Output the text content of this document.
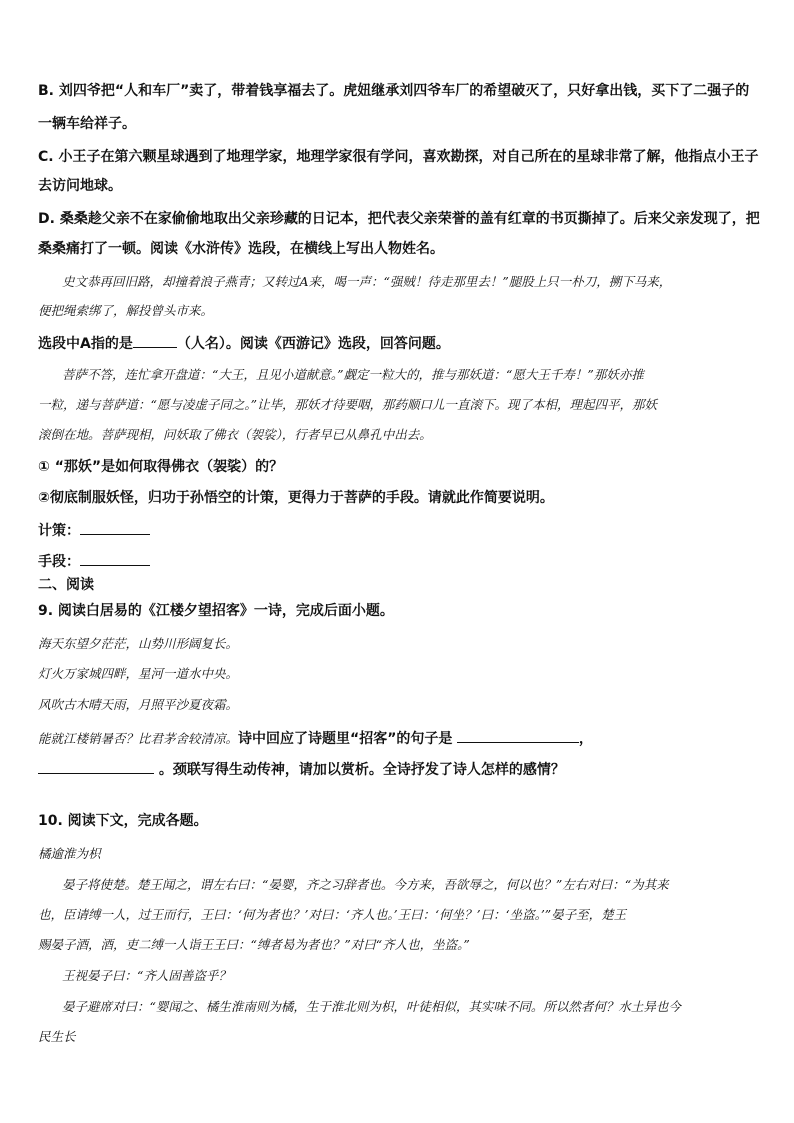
B. 刘四爷把“人和车厂”卖了，带着钱享福去了。虎妞继承刘四爷车厂的希望破灭了，只好拿出钱，买下了二强子的
一辆车给祥子。
C. 小王子在第六颗星球遇到了地理学家，地理学家很有学问，喜欢勘探，对自己所在的星球非常了解，他指点小王子
去访问地球。
D. 桑桑趁父亲不在家偷偷地取出父亲珍藏的日记本，把代表父亲荣誉的盖有红章的书页撕掉了。后来父亲发现了，把
桑桑痛打了一顿。阅读《水浒传》选段，在横线上写出人物姓名。
史文恭再回旧路，却撞着浪子燕青；又转过A来，喝一声：“强贼！待走那里去！”腿股上只一朴刀，搠下马来，
便把绳索绑了，解投曾头市来。
选段中A指的是	（人名）。阅读《西游记》选段，回答问题。
菩萨不答，连忙拿开盘道：“大王，且见小道献意。”觑定一粒大的，推与那妖道：“愿大王千寿！”那妖亦推
一粒，递与菩萨道：“愿与凌虚子同之。”让毕，那妖才待要咽，那药顺口儿一直滚下。现了本相，理起四平，那妖
滚倒在地。菩萨现相，问妖取了佛衣（袈裟），行者早已从鼻孔中出去。
① “那妖”是如何取得佛衣（袈裟）的？
②彻底制服妖怪，归功于孙悟空的计策，更得力于菩萨的手段。请就此作简要说明。
计策：
手段：
二、阅读
9. 阅读白居易的《江楼夕望招客》一诗，完成后面小题。
海天东望夕茫茫，山势川形阔复长。
灯火万家城四畔，星河一道水中央。
风吹古木晴天雨，月照平沙夏夜霜。
能就江楼销暑否？比君茅舍较清凉。诗中回应了诗题里“招客”的句子是	，
。颈联写得生动传神，请加以赏析。全诗抒发了诗人怎样的感情？
10. 阅读下文，完成各题。
橘逾淮为枳
晏子将使楚。楚王闻之，谓左右曰：“晏婴，齐之习辞者也。今方来，吾欲辱之，何以也？”左右对曰：“为其来
也，臣请缚一人，过王而行，王曰：‘何为者也？’对曰：‘齐人也。’王曰：‘何坐？’曰：‘坐盗。’”晏子至，楚王
赐晏子酒，酒，吏二缚一人诣王王曰：“缚者曷为者也？”对曰“齐人也，坐盗。”
王视晏子曰：“齐人固善盗乎？
晏子避席对曰：“婴闻之、橘生淮南则为橘，生于淮北则为枳，叶徒相似，其实味不同。所以然者何？水土异也今
民生长
